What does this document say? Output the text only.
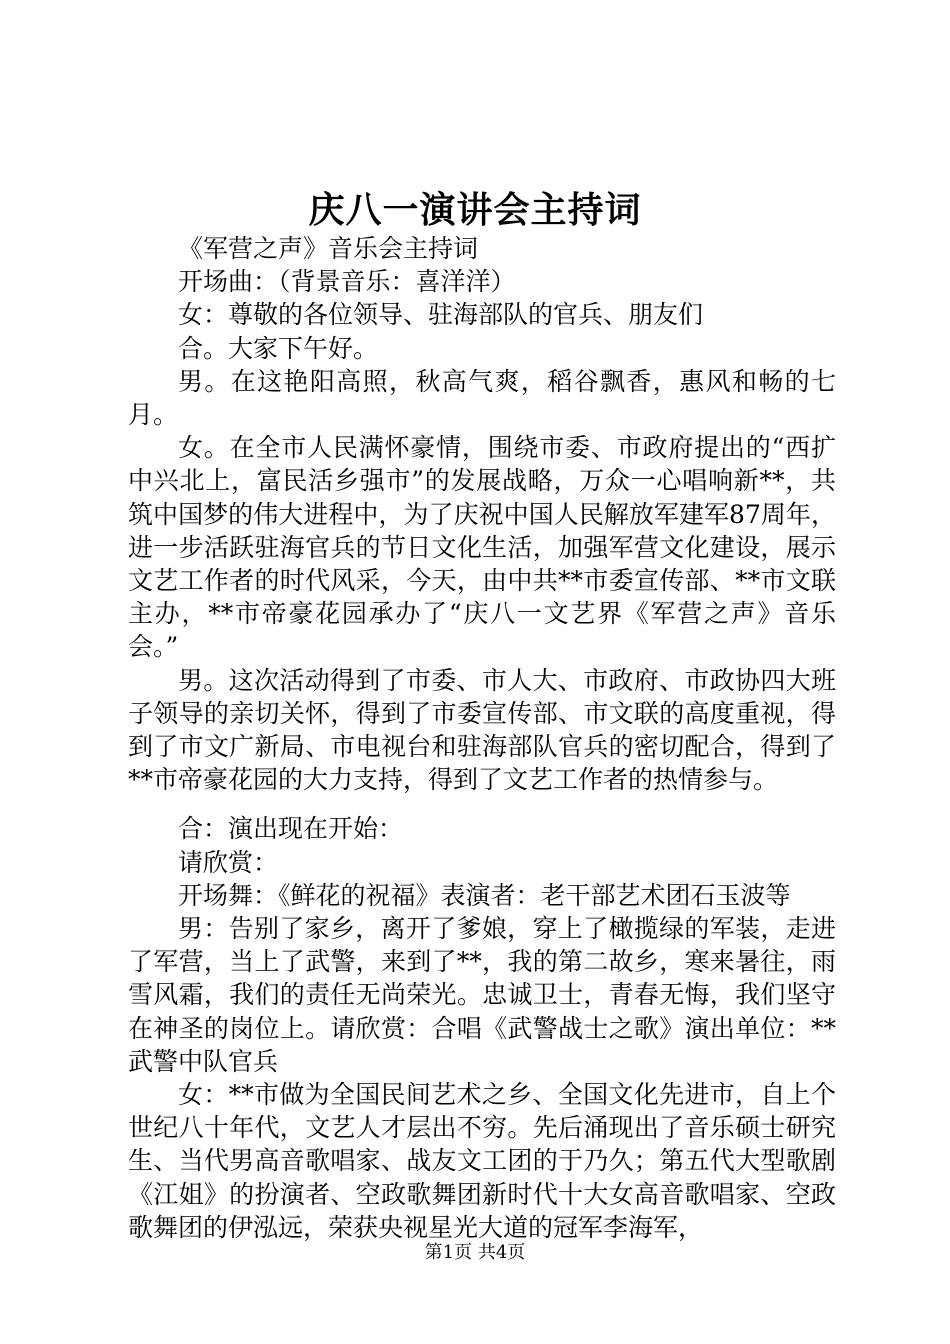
庆八一演讲会主持词

《军营之声》音乐会主持词

开场曲：（背景音乐：喜洋洋）

女：尊敬的各位领导、驻海部队的官兵、朋友们

合。大家下午好。

男。在这艳阳高照，秋高气爽，稻谷飘香，惠风和畅的七月。

女。在全市人民满怀豪情，围绕市委、市政府提出的“西扩中兴北上，富民活乡强市”的发展战略，万众一心唱响新**，共筑中国梦的伟大进程中，为了庆祝中国人民解放军建军87周年，进一步活跃驻海官兵的节日文化生活，加强军营文化建设，展示文艺工作者的时代风采，今天，由中共**市委宣传部、**市文联主办，**市帝豪花园承办了“庆八一文艺界《军营之声》音乐会。”

男。这次活动得到了市委、市人大、市政府、市政协四大班子领导的亲切关怀，得到了市委宣传部、市文联的高度重视，得到了市文广新局、市电视台和驻海部队官兵的密切配合，得到了**市帝豪花园的大力支持，得到了文艺工作者的热情参与。

合：演出现在开始：

请欣赏：

开场舞：《鲜花的祝福》表演者：老干部艺术团石玉波等

男：告别了家乡，离开了爹娘，穿上了橄揽绿的军装，走进了军营，当上了武警，来到了**，我的第二故乡，寒来暑往，雨雪风霜，我们的责任无尚荣光。忠诚卫士，青春无悔，我们坚守在神圣的岗位上。请欣赏：合唱《武警战士之歌》演出单位：**武警中队官兵

女：**市做为全国民间艺术之乡、全国文化先进市，自上个世纪八十年代，文艺人才层出不穷。先后涌现出了音乐硕士研究生、当代男高音歌唱家、战友文工团的于乃久；第五代大型歌剧《江姐》的扮演者、空政歌舞团新时代十大女高音歌唱家、空政歌舞团的伊泓远，荣获央视星光大道的冠军李海军，

第1页 共4页
